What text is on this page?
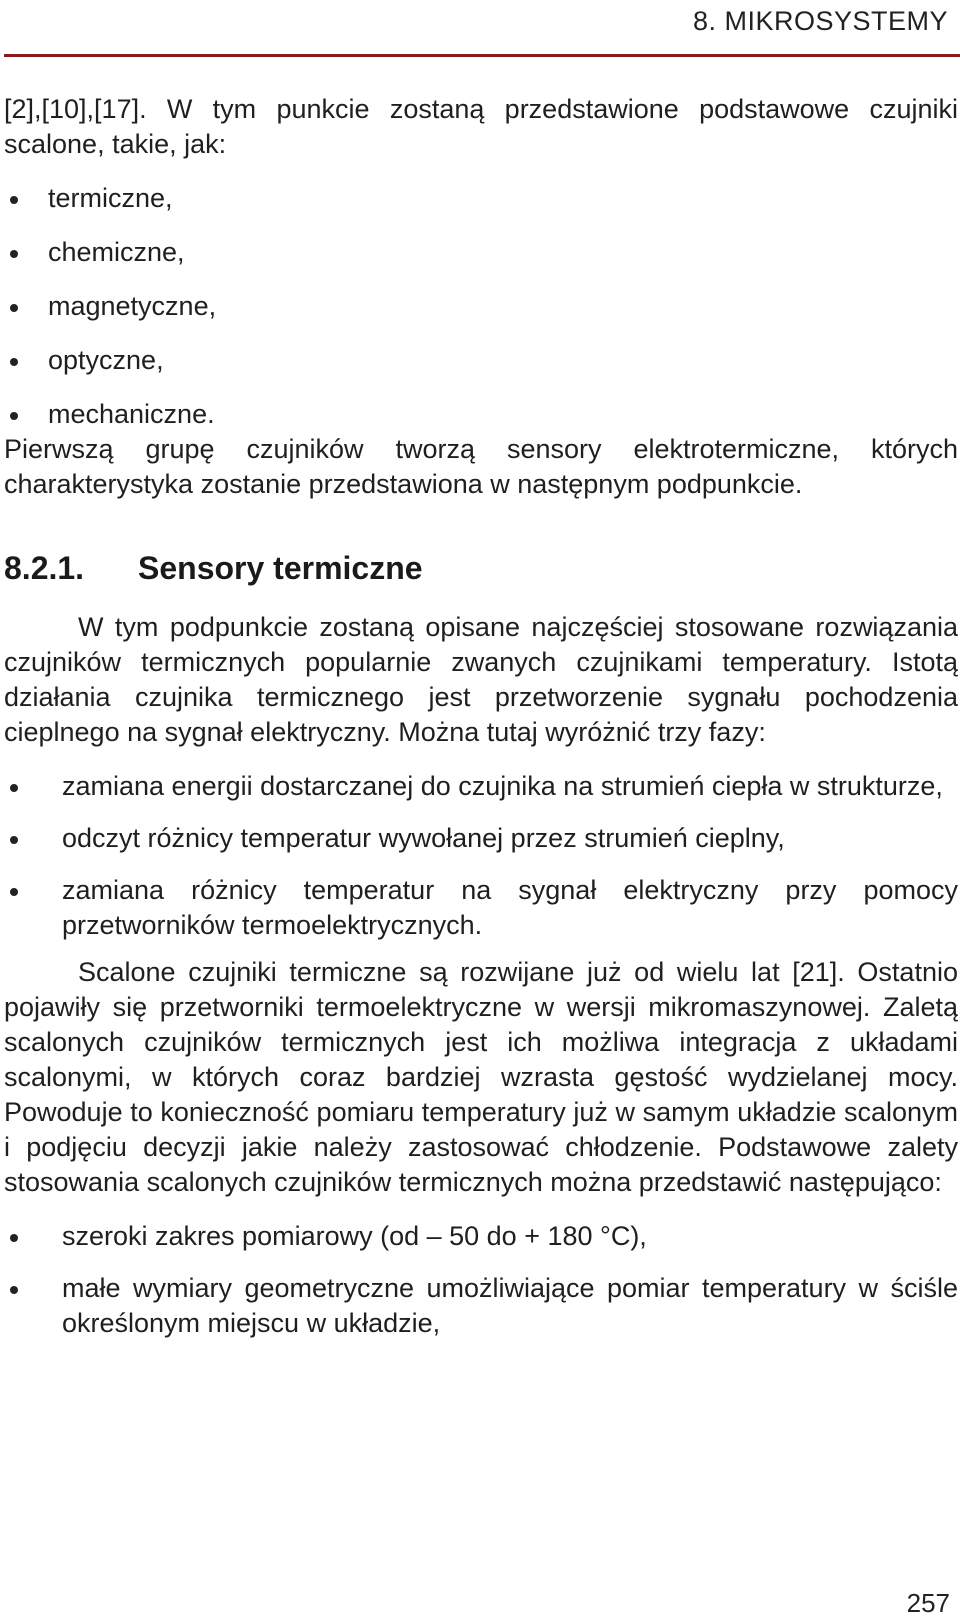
8. MIKROSYSTEMY

[2],[10],[17]. W tym punkcie zostaną przedstawione podstawowe czujniki scalone, takie, jak:

termiczne,
chemiczne,
magnetyczne,
optyczne,
mechaniczne.

Pierwszą grupę czujników tworzą sensory elektrotermiczne, których charakterystyka zostanie przedstawiona w następnym podpunkcie.

8.2.1. Sensory termiczne

W tym podpunkcie zostaną opisane najczęściej stosowane rozwiązania czujników termicznych popularnie zwanych czujnikami temperatury. Istotą działania czujnika termicznego jest przetworzenie sygnału pochodzenia cieplnego na sygnał elektryczny. Można tutaj wyróżnić trzy fazy:

zamiana energii dostarczanej do czujnika na strumień ciepła w strukturze,
odczyt różnicy temperatur wywołanej przez strumień cieplny,
zamiana różnicy temperatur na sygnał elektryczny przy pomocy przetworników termoelektrycznych.

Scalone czujniki termiczne są rozwijane już od wielu lat [21]. Ostatnio pojawiły się przetworniki termoelektryczne w wersji mikromaszynowej. Zaletą scalonych czujników termicznych jest ich możliwa integracja z układami scalonymi, w których coraz bardziej wzrasta gęstość wydzielanej mocy. Powoduje to konieczność pomiaru temperatury już w samym układzie scalonym i podjęciu decyzji jakie należy zastosować chłodzenie. Podstawowe zalety stosowania scalonych czujników termicznych można przedstawić następująco:

szeroki zakres pomiarowy (od – 50 do + 180 °C),
małe wymiary geometryczne umożliwiające pomiar temperatury w ściśle określonym miejscu w układzie,
257
